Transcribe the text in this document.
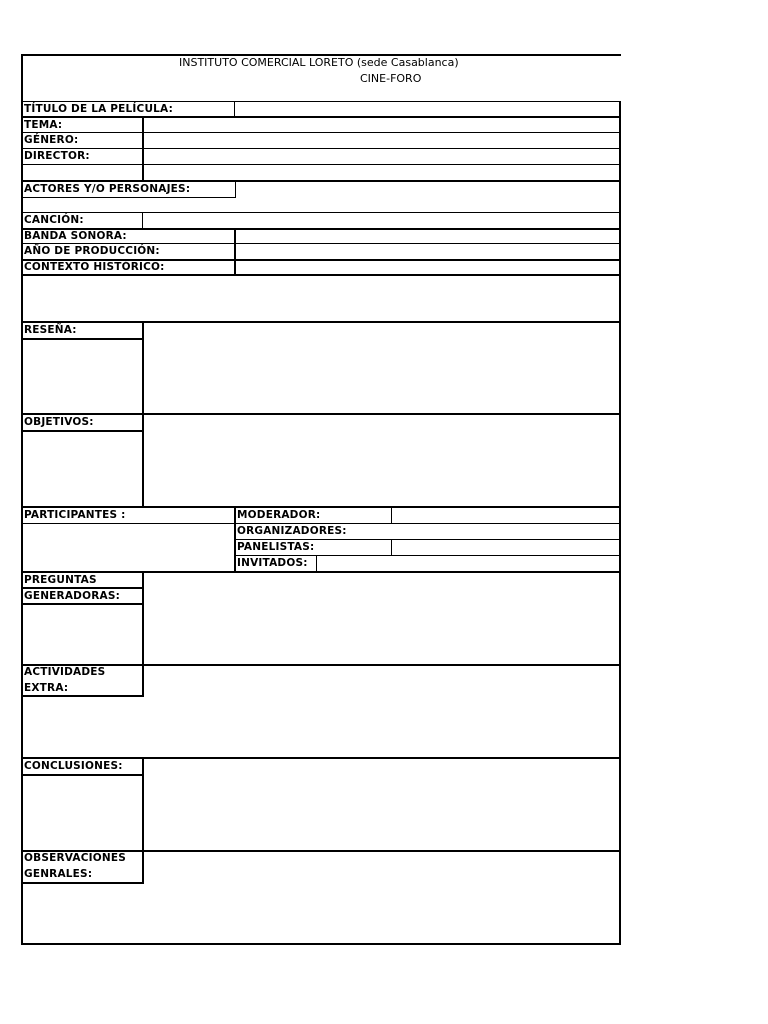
INSTITUTO COMERCIAL LORETO (sede Casablanca)
CINE-FORO
TÍTULO DE LA PELÍCULA:
TEMA:
GÉNERO:
DIRECTOR:
ACTORES Y/O PERSONAJES:
CANCIÓN:
BANDA SONORA:
AÑO DE PRODUCCIÓN:
CONTEXTO HISTÓRICO:
RESEÑA:
OBJETIVOS:
PARTICIPANTES :	MODERADOR:
ORGANIZADORES:
PANELISTAS:
INVITADOS:
PREGUNTAS
GENERADORAS:
ACTIVIDADES
EXTRA:
CONCLUSIONES:
OBSERVACIONES
GENRALES:
